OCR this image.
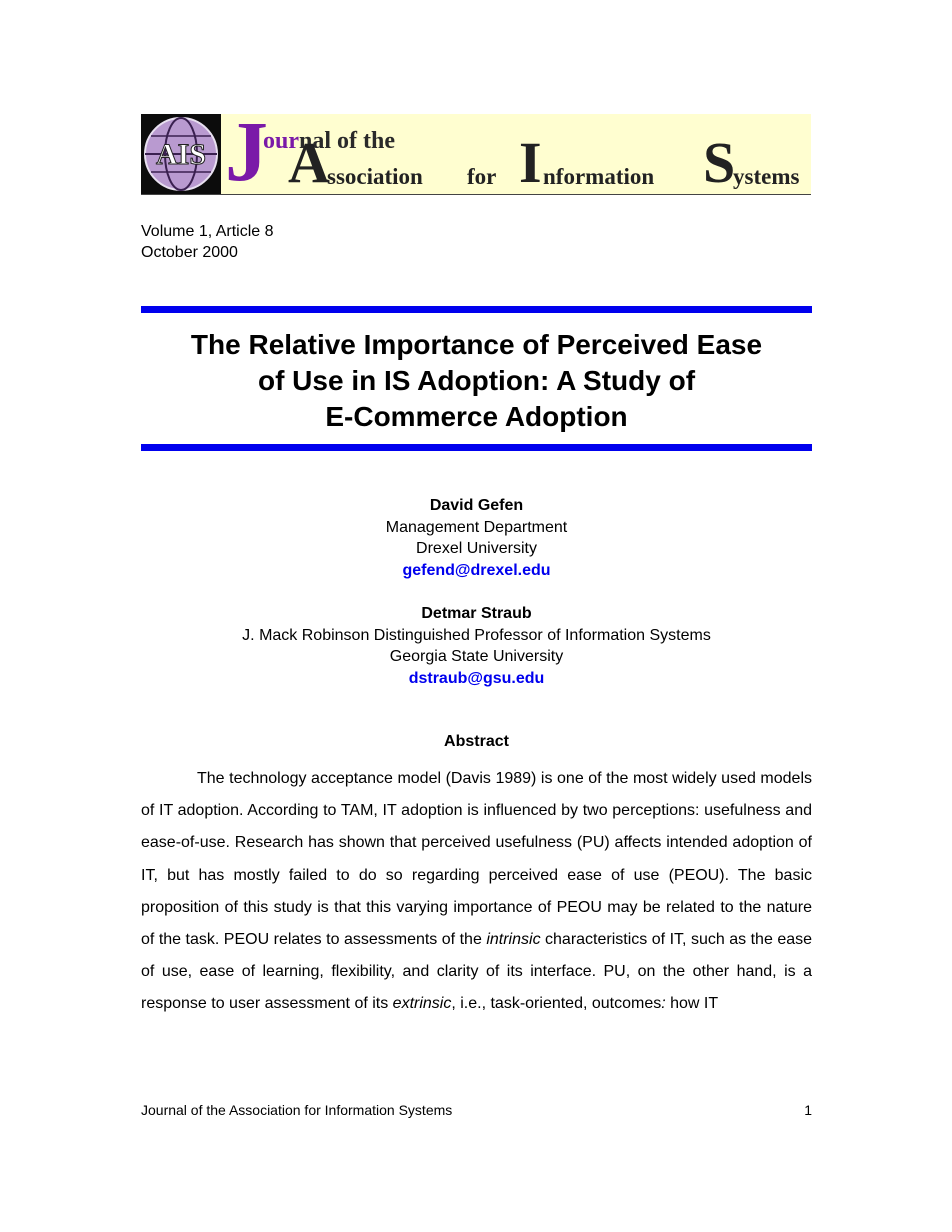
AIS J
ournal of the
A
ssociation for I nformation S
ystems
Volume 1, Article 8
October 2000
The Relative Importance of Perceived Ease
of Use in IS Adoption: A Study of
E-Commerce Adoption
David Gefen
Management Department
Drexel University
gefend@drexel.edu
Detmar Straub
J. Mack Robinson Distinguished Professor of Information Systems
Georgia State University
dstraub@gsu.edu
Abstract

The technology acceptance model (Davis 1989) is one of the most widely used models of IT adoption. According to TAM, IT adoption is influenced by two perceptions: usefulness and ease-of-use. Research has shown that perceived usefulness (PU) affects intended adoption of IT, but has mostly failed to do so regarding perceived ease of use (PEOU). The basic proposition of this study is that this varying importance of PEOU may be related to the nature of the task. PEOU relates to assessments of the intrinsic characteristics of IT, such as the ease of use, ease of learning, flexibility, and clarity of its interface. PU, on the other hand, is a response to user assessment of its extrinsic, i.e., task-oriented, outcomes: how IT

Journal of the Association for Information Systems	1
